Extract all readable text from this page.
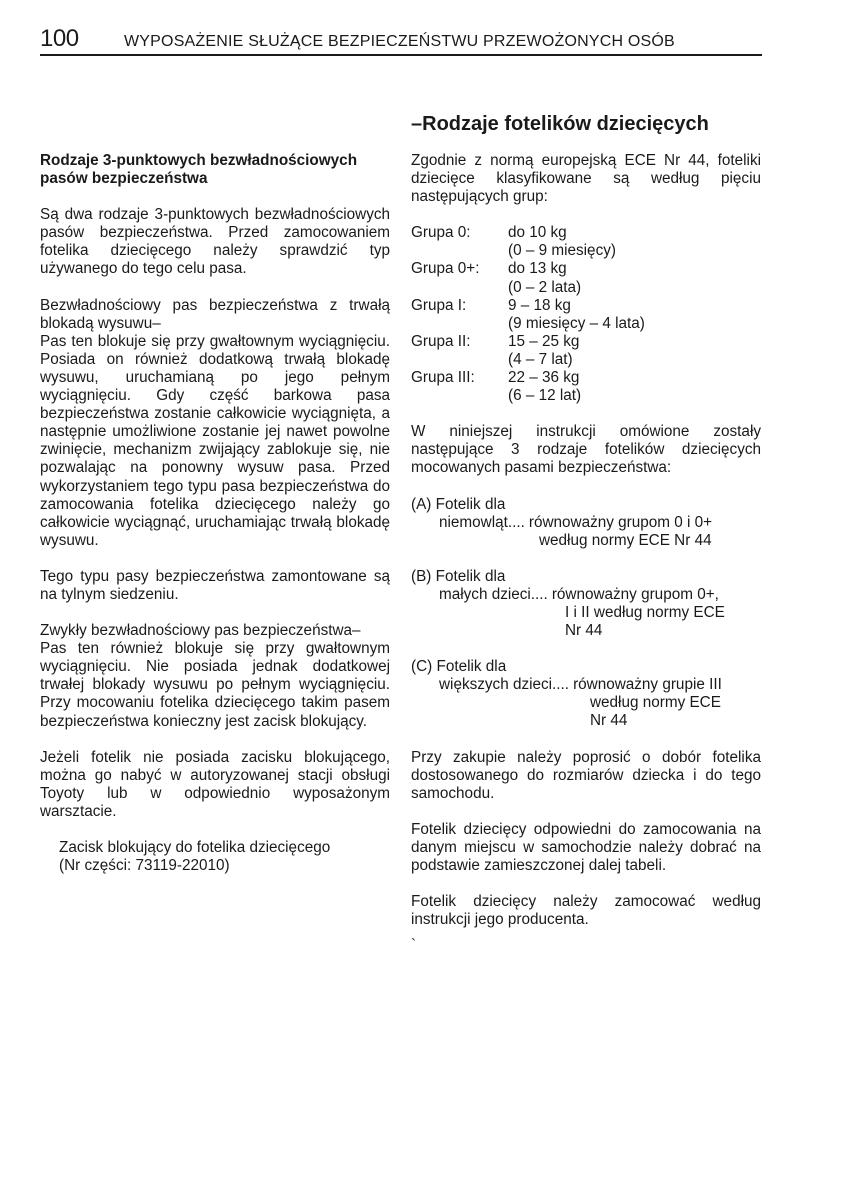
100	WYPOSAŻENIE SŁUŻĄCE BEZPIECZEŃSTWU PRZEWOŻONYCH OSÓB

Rodzaje 3-punktowych bezwładnościowych pasów bezpieczeństwa

Są dwa rodzaje 3-punktowych bezwładnościowych pasów bezpieczeństwa. Przed zamocowaniem fotelika dziecięcego należy sprawdzić typ używanego do tego celu pasa.

Bezwładnościowy pas bezpieczeństwa z trwałą blokadą wysuwu–

Pas ten blokuje się przy gwałtownym wyciągnięciu. Posiada on również dodatkową trwałą blokadę wysuwu, uruchamianą po jego pełnym wyciągnięciu. Gdy część barkowa pasa bezpieczeństwa zostanie całkowicie wyciągnięta, a następnie umożliwione zostanie jej nawet powolne zwinięcie, mechanizm zwijający zablokuje się, nie pozwalając na ponowny wysuw pasa. Przed wykorzystaniem tego typu pasa bezpieczeństwa do zamocowania fotelika dziecięcego należy go całkowicie wyciągnąć, uruchamiając trwałą blokadę wysuwu.

Tego typu pasy bezpieczeństwa zamontowane są na tylnym siedzeniu.

Zwykły bezwładnościowy pas bezpieczeństwa–

Pas ten również blokuje się przy gwałtownym wyciągnięciu. Nie posiada jednak dodatkowej trwałej blokady wysuwu po pełnym wyciągnięciu. Przy mocowaniu fotelika dziecięcego takim pasem bezpieczeństwa konieczny jest zacisk blokujący.

Jeżeli fotelik nie posiada zacisku blokującego, można go nabyć w autoryzowanej stacji obsługi Toyoty lub w odpowiednio wyposażonym warsztacie.

Zacisk blokujący do fotelika dziecięcego

(Nr części: 73119-22010)

–Rodzaje fotelików dziecięcych

Zgodnie z normą europejską ECE Nr 44, foteliki dziecięce klasyfikowane są według pięciu następujących grup:

Grupa 0:	do 10 kg
(0 – 9 miesięcy)
Grupa 0+:	do 13 kg
(0 – 2 lata)
Grupa I:	9 – 18 kg
(9 miesięcy – 4 lata)
Grupa II:	15 – 25 kg
(4 – 7 lat)
Grupa III:	22 – 36 kg
(6 – 12 lat)

W niniejszej instrukcji omówione zostały następujące 3 rodzaje fotelików dziecięcych mocowanych pasami bezpieczeństwa:

(A) Fotelik dla
niemowląt.... równoważny grupom 0 i 0+
według normy ECE Nr 44
(B) Fotelik dla
małych dzieci.... równoważny grupom 0+,
I i II według normy ECE
Nr 44
(C) Fotelik dla
większych dzieci.... równoważny grupie III
według normy ECE
Nr 44

Przy zakupie należy poprosić o dobór fotelika dostosowanego do rozmiarów dziecka i do tego samochodu.

Fotelik dziecięcy odpowiedni do zamocowania na danym miejscu w samochodzie należy dobrać na podstawie zamieszczonej dalej tabeli.

Fotelik dziecięcy należy zamocować według instrukcji jego producenta.

`
